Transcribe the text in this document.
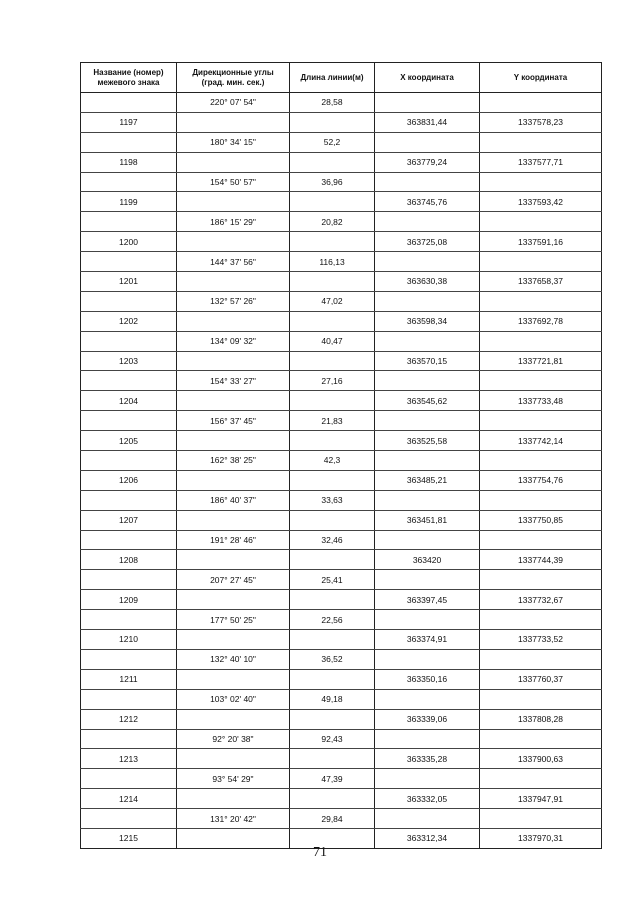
Название (номер)
межевого знака	Дирекционные углы
(град. мин. сек.)	Длина линии(м)	X координата	Y координата
	220° 07' 54"	28,58		
1197			363831,44	1337578,23
	180° 34' 15"	52,2		
1198			363779,24	1337577,71
	154° 50' 57"	36,96		
1199			363745,76	1337593,42
	186° 15' 29"	20,82		
1200			363725,08	1337591,16
	144° 37' 56"	116,13		
1201			363630,38	1337658,37
	132° 57' 26"	47,02		
1202			363598,34	1337692,78
	134° 09' 32"	40,47		
1203			363570,15	1337721,81
	154° 33' 27"	27,16		
1204			363545,62	1337733,48
	156° 37' 45"	21,83		
1205			363525,58	1337742,14
	162° 38' 25"	42,3		
1206			363485,21	1337754,76
	186° 40' 37"	33,63		
1207			363451,81	1337750,85
	191° 28' 46"	32,46		
1208			363420	1337744,39
	207° 27' 45"	25,41		
1209			363397,45	1337732,67
	177° 50' 25"	22,56		
1210			363374,91	1337733,52
	132° 40' 10"	36,52		
1211			363350,16	1337760,37
	103° 02' 40"	49,18		
1212			363339,06	1337808,28
	92° 20' 38"	92,43		
1213			363335,28	1337900,63
	93° 54' 29"	47,39		
1214			363332,05	1337947,91
	131° 20' 42"	29,84		
1215			363312,34	1337970,31
71
